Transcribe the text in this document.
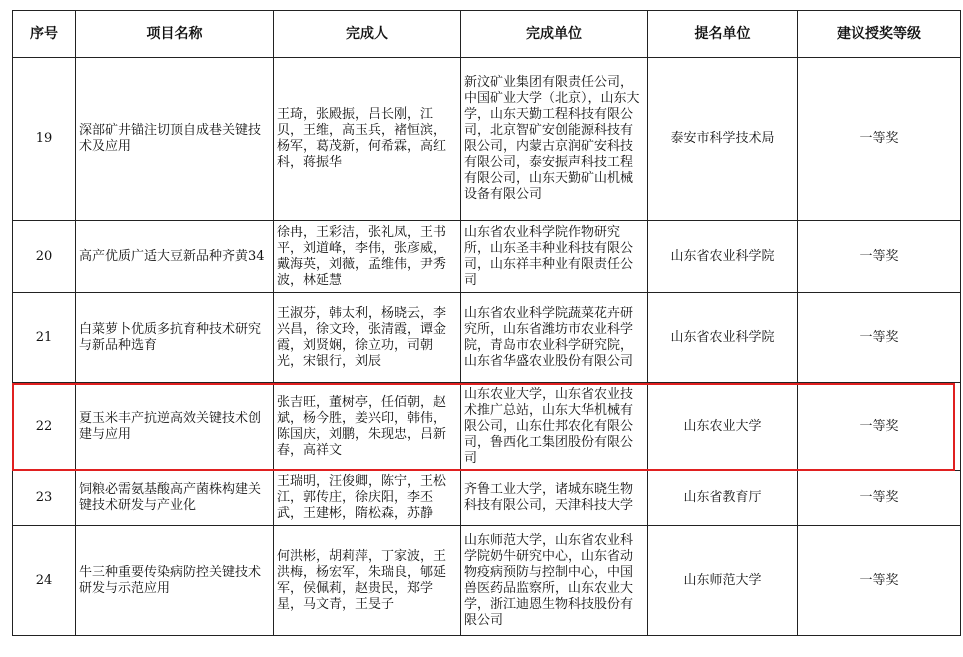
序号	项目名称	完成人	完成单位	提名单位	建议授奖等级
19	深部矿井锚注切顶自成巷关键技术及应用	王琦，张殿振，吕长刚，江贝，王维，高玉兵，褚恒滨，杨军，葛茂新，何希霖，高红科，蒋振华	新汶矿业集团有限责任公司，中国矿业大学（北京），山东大学，山东天勤工程科技有限公司，北京智矿安创能源科技有限公司，内蒙古京润矿安科技有限公司，泰安振声科技工程有限公司，山东天勤矿山机械设备有限公司	泰安市科学技术局	一等奖
20	高产优质广适大豆新品种齐黄34	徐冉，王彩洁，张礼凤，王书平，刘道峰，李伟，张彦威，戴海英，刘薇，孟维伟，尹秀波，林延慧	山东省农业科学院作物研究所，山东圣丰种业科技有限公司，山东祥丰种业有限责任公司	山东省农业科学院	一等奖
21	白菜萝卜优质多抗育种技术研究与新品种选育	王淑芬，韩太利，杨晓云，李兴昌，徐文玲，张清霞，谭金霞，刘贤娴，徐立功，司朝光，宋银行，刘辰	山东省农业科学院蔬菜花卉研究所，山东省潍坊市农业科学院，青岛市农业科学研究院，山东省华盛农业股份有限公司	山东省农业科学院	一等奖
22	夏玉米丰产抗逆高效关键技术创建与应用	张吉旺，董树亭，任佰朝，赵斌，杨今胜，姜兴印，韩伟，陈国庆，刘鹏，朱现忠，吕新春，高祥文	山东农业大学，山东省农业技术推广总站，山东大华机械有限公司，山东仕邦农化有限公司，鲁西化工集团股份有限公司	山东农业大学	一等奖
23	饲粮必需氨基酸高产菌株构建关键技术研发与产业化	王瑞明，汪俊卿，陈宁，王松江，郭传庄，徐庆阳，李丕武，王建彬，隋松森，苏静	齐鲁工业大学，诸城东晓生物科技有限公司，天津科技大学	山东省教育厅	一等奖
24	牛三种重要传染病防控关键技术研发与示范应用	何洪彬，胡莉萍，丁家波，王洪梅，杨宏军，朱瑞良，郇延军，侯佩莉，赵贵民，郑学星，马文青，王旻子	山东师范大学，山东省农业科学院奶牛研究中心，山东省动物疫病预防与控制中心，中国兽医药品监察所，山东农业大学，浙江迪恩生物科技股份有限公司	山东师范大学	一等奖
